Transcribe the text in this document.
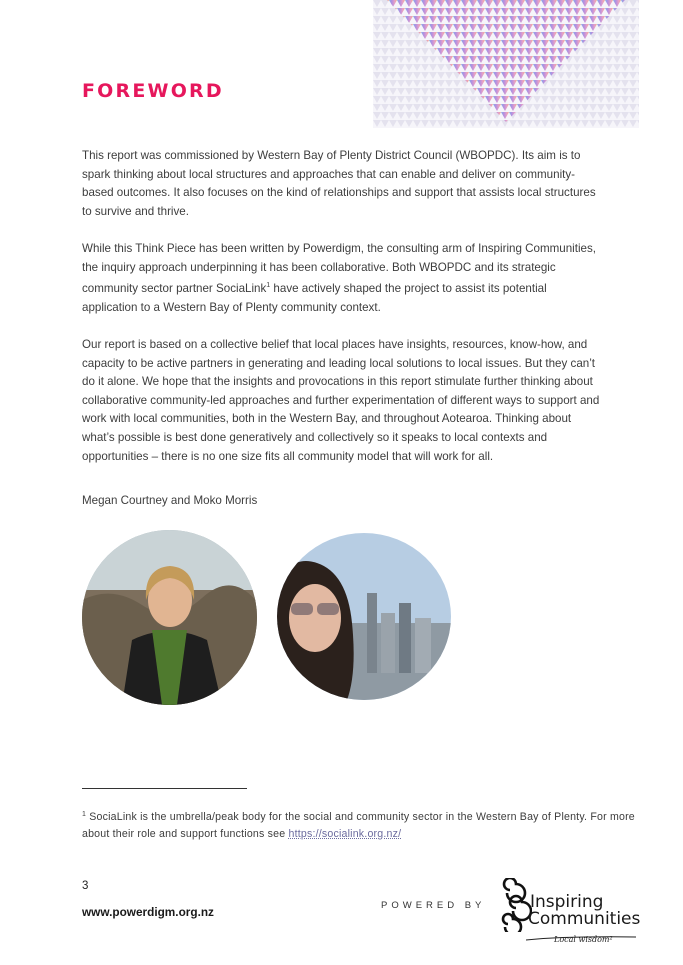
FOREWORD

This report was commissioned by Western Bay of Plenty District Council (WBOPDC). Its aim is to spark thinking about local structures and approaches that can enable and deliver on community-based outcomes. It also focuses on the kind of relationships and support that assists local structures to survive and thrive.

While this Think Piece has been written by Powerdigm, the consulting arm of Inspiring Communities, the inquiry approach underpinning it has been collaborative. Both WBOPDC and its strategic community sector partner SociaLink$^1$ have actively shaped the project to assist its potential application to a Western Bay of Plenty community context.

Our report is based on a collective belief that local places have insights, resources, know-how, and capacity to be active partners in generating and leading local solutions to local issues. But they can’t do it alone. We hope that the insights and provocations in this report stimulate further thinking about collaborative community-led approaches and further experimentation of different ways to support and work with local communities, both in the Western Bay, and throughout Aotearoa. Thinking about what’s possible is best done generatively and collectively so it speaks to local contexts and opportunities – there is no one size fits all community model that will work for all.

Megan Courtney and Moko Morris

$^1$ SociaLink is the umbrella/peak body for the social and community sector in the Western Bay of Plenty. For more about their role and support functions see https://socialink.org.nz/
3
www.powerdigm.org.nz	POWERED BY	Inspiring
Communities
Local wisdom²
